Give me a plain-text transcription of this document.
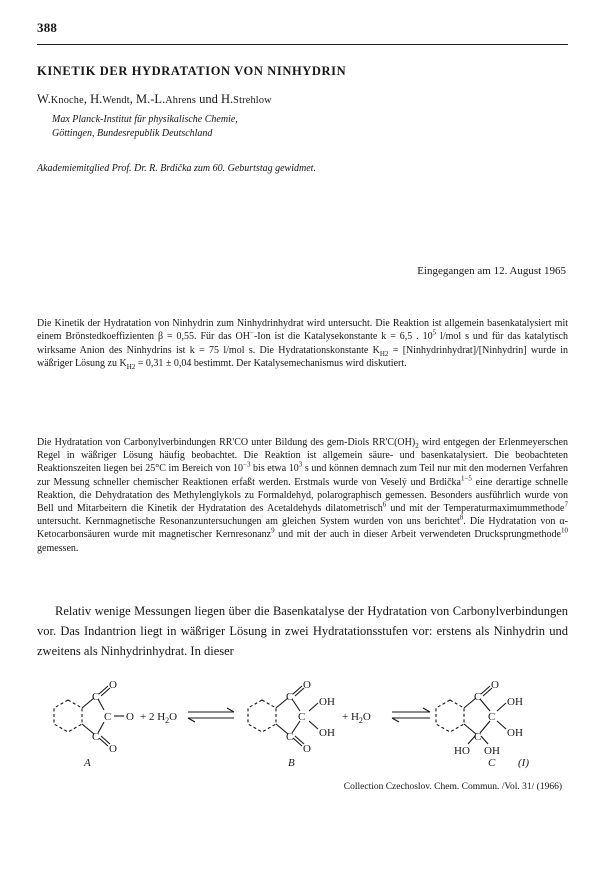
388
KINETIK DER HYDRATATION VON NINHYDRIN
W.Knoche, H.Wendt, M.-L.Ahrens und H.Strehlow
Max Planck-Institut für physikalische Chemie,
Göttingen, Bundesrepublik Deutschland
Akademiemitglied Prof. Dr. R. Brdička zum 60. Geburtstag gewidmet.
Eingegangen am 12. August 1965
Die Kinetik der Hydratation von Ninhydrin zum Ninhydrinhydrat wird untersucht. Die Reaktion ist allgemein basenkatalysiert mit einem Brönstedkoeffizienten β = 0,55. Für das OH−-Ion ist die Katalysekonstante k = 6,5 . $10^5$ l/mol s und für das katalytisch wirksame Anion des Ninhydrins ist k = 75 l/mol s. Die Hydratationskonstante $K_{H2}$ = [Ninhydrinhydrat]/[Ninhydrin] wurde in wäßriger Lösung zu $K_{H2} = 0,31 \pm 0,04$ bestimmt. Der Katalysemechanismus wird diskutiert.
Die Hydratation von Carbonylverbindungen RR'CO unter Bildung des gem-Diols $RR'C(OH)_2$ wird entgegen der Erlenmeyerschen Regel in wäßriger Lösung häufig beobachtet. Die Reaktion ist allgemein säure- und basenkatalysiert. Die beobachteten Reaktionszeiten liegen bei 25°C im Bereich von $10^{-3}$ bis etwa $10^3$ s und können demnach zum Teil nur mit den modernen Verfahren zur Messung schneller chemischer Reaktionen erfaßt werden. Erstmals wurde von Veselý und Brdička$^{1-5}$ eine derartige schnelle Reaktion, die Dehydratation des Methylenglykols zu Formaldehyd, polarographisch gemessen. Besonders ausführlich wurde von Bell und Mitarbeitern die Kinetik der Hydratation des Acetaldehyds dilatometrisch$^6$ und mit der Temperaturmaximummethode$^7$ untersucht. Kernmagnetische Resonanzuntersuchungen am gleichen System wurden von uns berichtet$^8$. Die Hydratation von α-Ketocarbonsäuren wurde mit magnetischer Kernresonanz$^9$ und mit der auch in dieser Arbeit verwendeten Drucksprungmethode$^{10}$ gemessen.
Relativ wenige Messungen liegen über die Basenkatalyse der Hydratation von Carbonylverbindungen vor. Das Indantrion liegt in wäßriger Lösung in zwei Hydratationsstufen vor: erstens als Ninhydrin und zweitens als Ninhydrinhydrat. In dieser
C
C
C
O
O
O + 2 $H_2O$
C
C
C
O
O
OH
OH
+ $H_2O$
C
C
C
O
OH
OH
HO OH
A	B	C (I)
Collection Czechoslov. Chem. Commun. /Vol. 31/ (1966)
